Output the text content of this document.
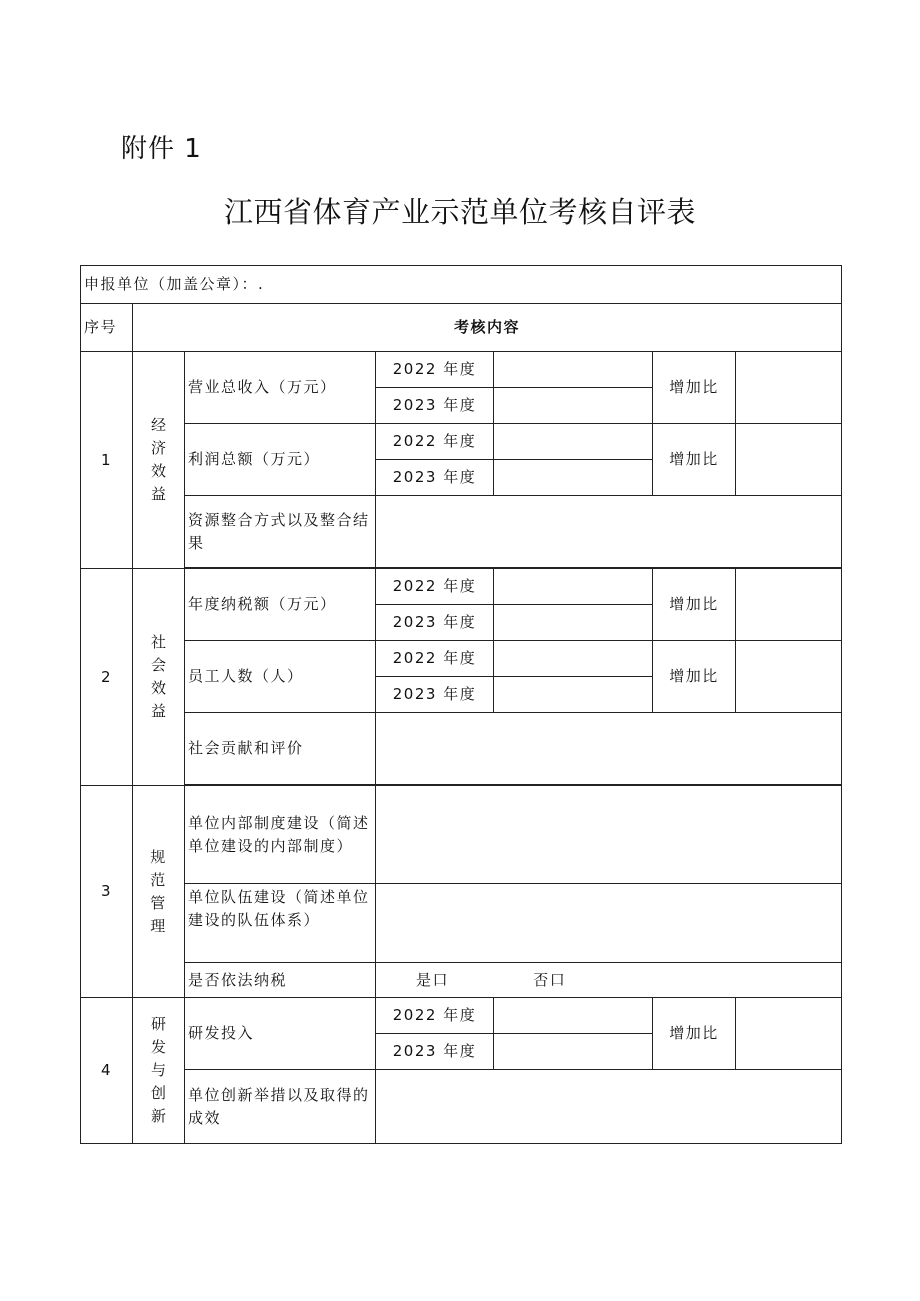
附件 1
江西省体育产业示范单位考核自评表
申报单位（加盖公章）：.						
序号	考核内容					
1	经济效益	营业总收入（万元）	2022 年度		增加比	
			2023 年度			
		利润总额（万元）	2022 年度		增加比	
			2023 年度			
		资源整合方式以及整合结果				

2	社会效益	年度纳税额（万元）	2022 年度		增加比	
			2023 年度			
		员工人数（人）	2022 年度		增加比	
			2023 年度			
		社会贡献和评价				

3	规范管理	单位内部制度建设（简述单位建设的内部制度）				
		单位队伍建设（简述单位建设的队伍体系）				
		是否依法纳税	是口 否口			
4	研发与创新	研发投入	2022 年度		增加比	
			2023 年度			
		单位创新举措以及取得的成效				
